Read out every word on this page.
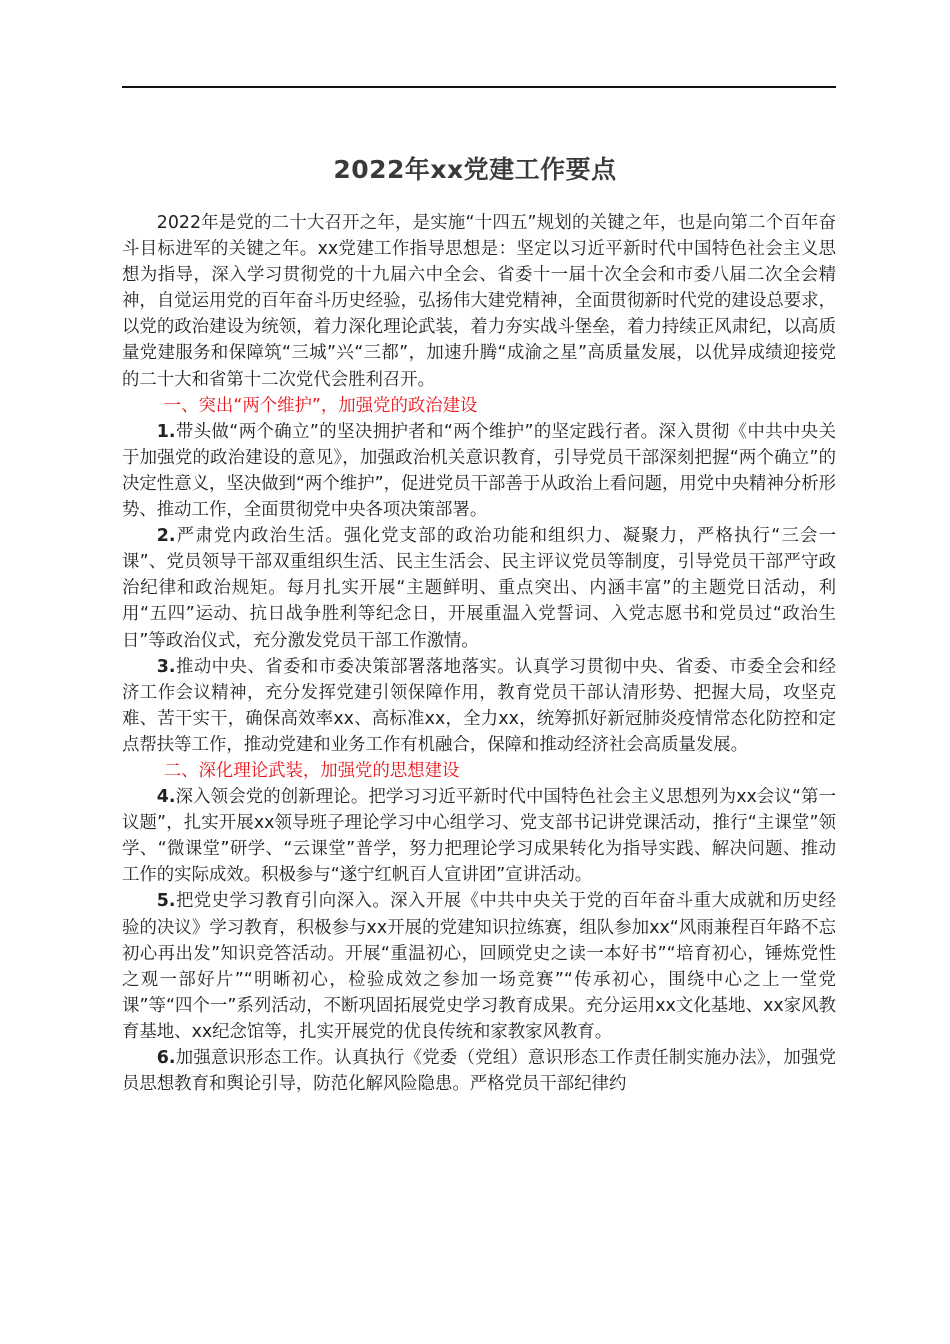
2022年xx党建工作要点

2022年是党的二十大召开之年，是实施“十四五”规划的关键之年，也是向第二个百年奋斗目标进军的关键之年。xx党建工作指导思想是：坚定以习近平新时代中国特色社会主义思想为指导，深入学习贯彻党的十九届六中全会、省委十一届十次全会和市委八届二次全会精神，自觉运用党的百年奋斗历史经验，弘扬伟大建党精神，全面贯彻新时代党的建设总要求，以党的政治建设为统领，着力深化理论武装，着力夯实战斗堡垒，着力持续正风肃纪，以高质量党建服务和保障筑“三城”兴“三都”，加速升腾“成渝之星”高质量发展，以优异成绩迎接党的二十大和省第十二次党代会胜利召开。

一、突出“两个维护”，加强党的政治建设

1.带头做“两个确立”的坚决拥护者和“两个维护”的坚定践行者。深入贯彻《中共中央关于加强党的政治建设的意见》，加强政治机关意识教育，引导党员干部深刻把握“两个确立”的决定性意义，坚决做到“两个维护”，促进党员干部善于从政治上看问题，用党中央精神分析形势、推动工作，全面贯彻党中央各项决策部署。

2.严肃党内政治生活。强化党支部的政治功能和组织力、凝聚力，严格执行“三会一课”、党员领导干部双重组织生活、民主生活会、民主评议党员等制度，引导党员干部严守政治纪律和政治规矩。每月扎实开展“主题鲜明、重点突出、内涵丰富”的主题党日活动，利用“五四”运动、抗日战争胜利等纪念日，开展重温入党誓词、入党志愿书和党员过“政治生日”等政治仪式，充分激发党员干部工作激情。

3.推动中央、省委和市委决策部署落地落实。认真学习贯彻中央、省委、市委全会和经济工作会议精神，充分发挥党建引领保障作用，教育党员干部认清形势、把握大局，攻坚克难、苦干实干，确保高效率xx、高标准xx，全力xx，统筹抓好新冠肺炎疫情常态化防控和定点帮扶等工作，推动党建和业务工作有机融合，保障和推动经济社会高质量发展。

二、深化理论武装，加强党的思想建设

4.深入领会党的创新理论。把学习习近平新时代中国特色社会主义思想列为xx会议“第一议题”，扎实开展xx领导班子理论学习中心组学习、党支部书记讲党课活动，推行“主课堂”领学、“微课堂”研学、“云课堂”普学，努力把理论学习成果转化为指导实践、解决问题、推动工作的实际成效。积极参与“遂宁红帆百人宣讲团”宣讲活动。

5.把党史学习教育引向深入。深入开展《中共中央关于党的百年奋斗重大成就和历史经验的决议》学习教育，积极参与xx开展的党建知识拉练赛，组队参加xx“风雨兼程百年路不忘初心再出发”知识竞答活动。开展“重温初心，回顾党史之读一本好书”“培育初心，锤炼党性之观一部好片”“明晰初心，检验成效之参加一场竞赛”“传承初心，围绕中心之上一堂党课”等“四个一”系列活动，不断巩固拓展党史学习教育成果。充分运用xx文化基地、xx家风教育基地、xx纪念馆等，扎实开展党的优良传统和家教家风教育。

6.加强意识形态工作。认真执行《党委（党组）意识形态工作责任制实施办法》，加强党员思想教育和舆论引导，防范化解风险隐患。严格党员干部纪律约
